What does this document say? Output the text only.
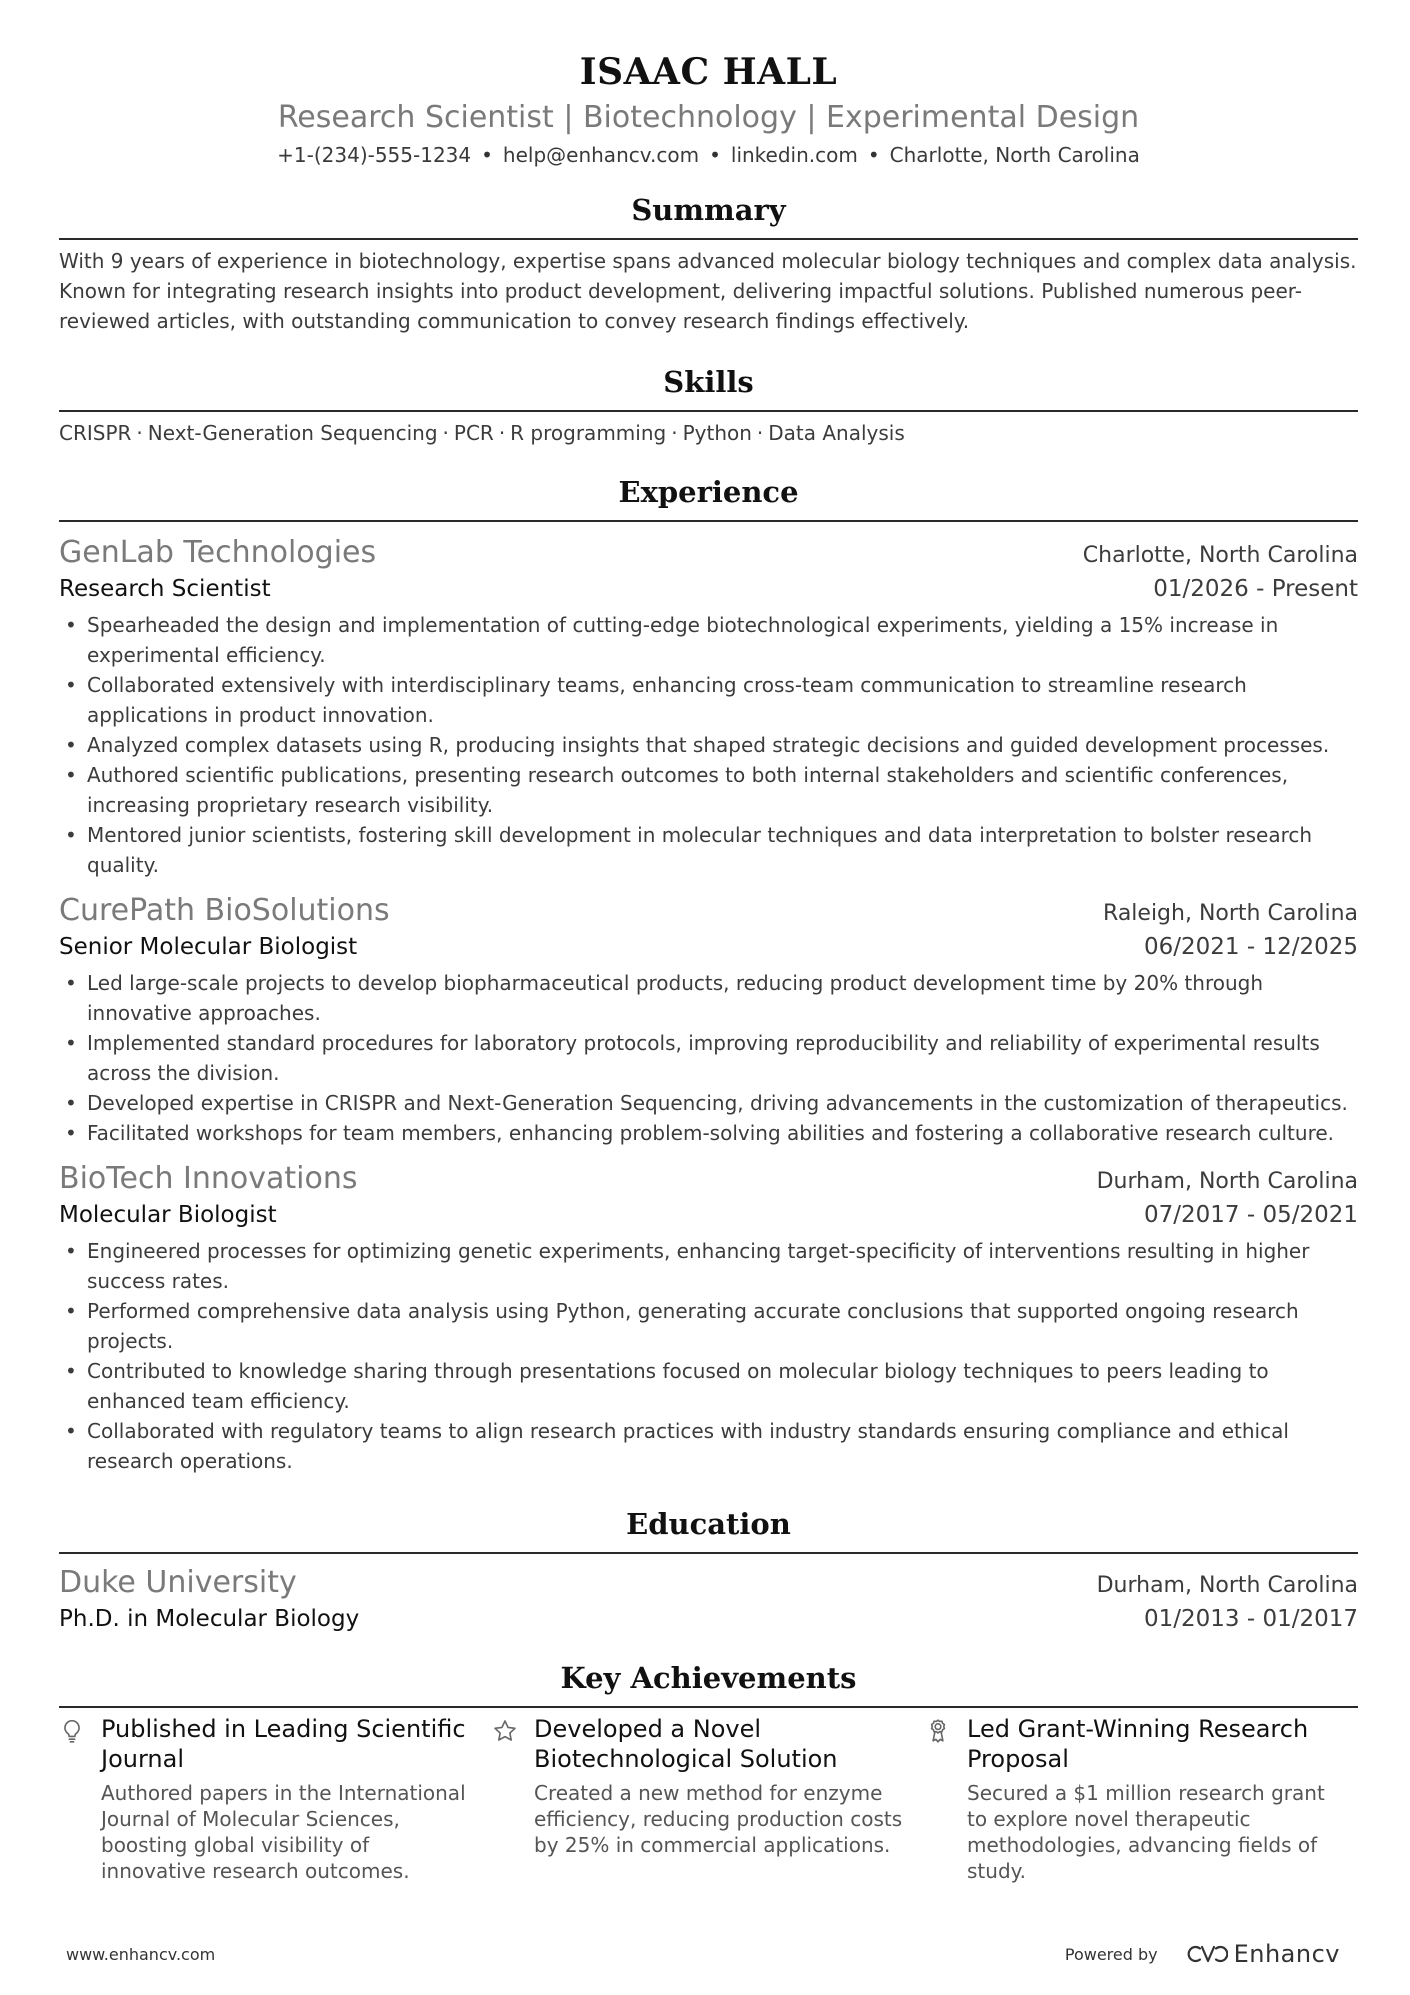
ISAAC HALL
Research Scientist | Biotechnology | Experimental Design
+1-(234)-555-1234 • help@enhancv.com • linkedin.com • Charlotte, North Carolina
Summary
With 9 years of experience in biotechnology, expertise spans advanced molecular biology techniques and complex data analysis. Known for integrating research insights into product development, delivering impactful solutions. Published numerous peer-reviewed articles, with outstanding communication to convey research findings effectively.
Skills
CRISPR · Next-Generation Sequencing · PCR · R programming · Python · Data Analysis
Experience
GenLab Technologies	Charlotte, North Carolina
Research Scientist	01/2026 - Present
• Spearheaded the design and implementation of cutting-edge biotechnological experiments, yielding a 15% increase in experimental efficiency.
• Collaborated extensively with interdisciplinary teams, enhancing cross-team communication to streamline research applications in product innovation.
• Analyzed complex datasets using R, producing insights that shaped strategic decisions and guided development processes.
• Authored scientific publications, presenting research outcomes to both internal stakeholders and scientific conferences, increasing proprietary research visibility.
• Mentored junior scientists, fostering skill development in molecular techniques and data interpretation to bolster research quality.
CurePath BioSolutions	Raleigh, North Carolina
Senior Molecular Biologist	06/2021 - 12/2025
• Led large-scale projects to develop biopharmaceutical products, reducing product development time by 20% through innovative approaches.
• Implemented standard procedures for laboratory protocols, improving reproducibility and reliability of experimental results across the division.
• Developed expertise in CRISPR and Next-Generation Sequencing, driving advancements in the customization of therapeutics.
• Facilitated workshops for team members, enhancing problem-solving abilities and fostering a collaborative research culture.
BioTech Innovations	Durham, North Carolina
Molecular Biologist	07/2017 - 05/2021
• Engineered processes for optimizing genetic experiments, enhancing target-specificity of interventions resulting in higher success rates.
• Performed comprehensive data analysis using Python, generating accurate conclusions that supported ongoing research projects.
• Contributed to knowledge sharing through presentations focused on molecular biology techniques to peers leading to enhanced team efficiency.
• Collaborated with regulatory teams to align research practices with industry standards ensuring compliance and ethical research operations.
Education
Duke University	Durham, North Carolina
Ph.D. in Molecular Biology	01/2013 - 01/2017
Key Achievements
Published in Leading Scientific Journal
Authored papers in the International Journal of Molecular Sciences, boosting global visibility of innovative research outcomes.
Developed a Novel Biotechnological Solution
Created a new method for enzyme efficiency, reducing production costs by 25% in commercial applications.
Led Grant-Winning Research Proposal
Secured a $1 million research grant to explore novel therapeutic methodologies, advancing fields of study.
www.enhancv.com	Powered by	Enhancv
